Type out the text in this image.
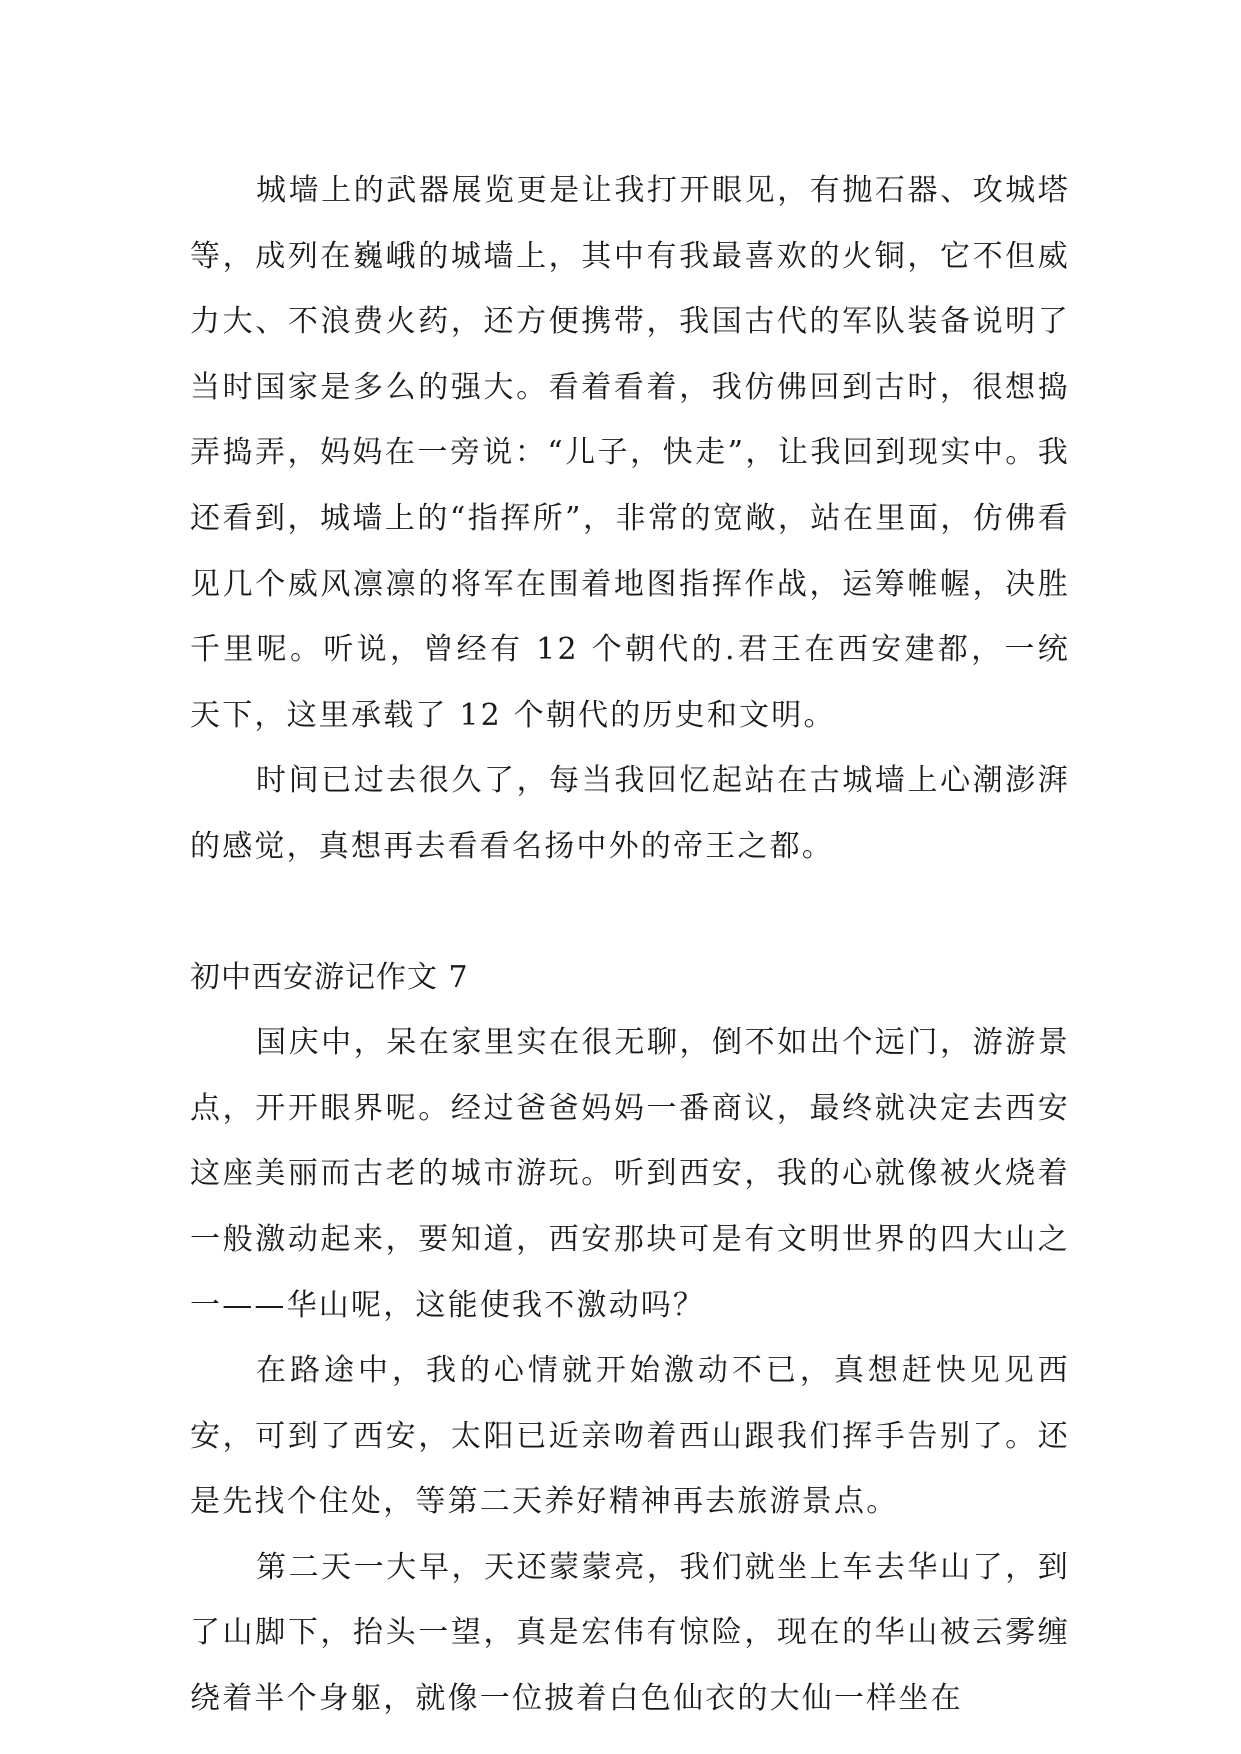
城墙上的武器展览更是让我打开眼见，有抛石器、攻城塔等，成列在巍峨的城墙上，其中有我最喜欢的火铜，它不但威力大、不浪费火药，还方便携带，我国古代的军队装备说明了当时国家是多么的强大。看着看着，我仿佛回到古时，很想捣弄捣弄，妈妈在一旁说：“儿子，快走”，让我回到现实中。我还看到，城墙上的“指挥所”，非常的宽敞，站在里面，仿佛看见几个威风凛凛的将军在围着地图指挥作战，运筹帷幄，决胜千里呢。听说，曾经有 12 个朝代的.君王在西安建都，一统天下，这里承载了 12 个朝代的历史和文明。

时间已过去很久了，每当我回忆起站在古城墙上心潮澎湃的感觉，真想再去看看名扬中外的帝王之都。

初中西安游记作文 7

国庆中，呆在家里实在很无聊，倒不如出个远门，游游景点，开开眼界呢。经过爸爸妈妈一番商议，最终就决定去西安这座美丽而古老的城市游玩。听到西安，我的心就像被火烧着一般激动起来，要知道，西安那块可是有文明世界的四大山之一——华山呢，这能使我不激动吗？

在路途中，我的心情就开始激动不已，真想赶快见见西安，可到了西安，太阳已近亲吻着西山跟我们挥手告别了。还是先找个住处，等第二天养好精神再去旅游景点。

第二天一大早，天还蒙蒙亮，我们就坐上车去华山了，到了山脚下，抬头一望，真是宏伟有惊险，现在的华山被云雾缠绕着半个身躯，就像一位披着白色仙衣的大仙一样坐在
